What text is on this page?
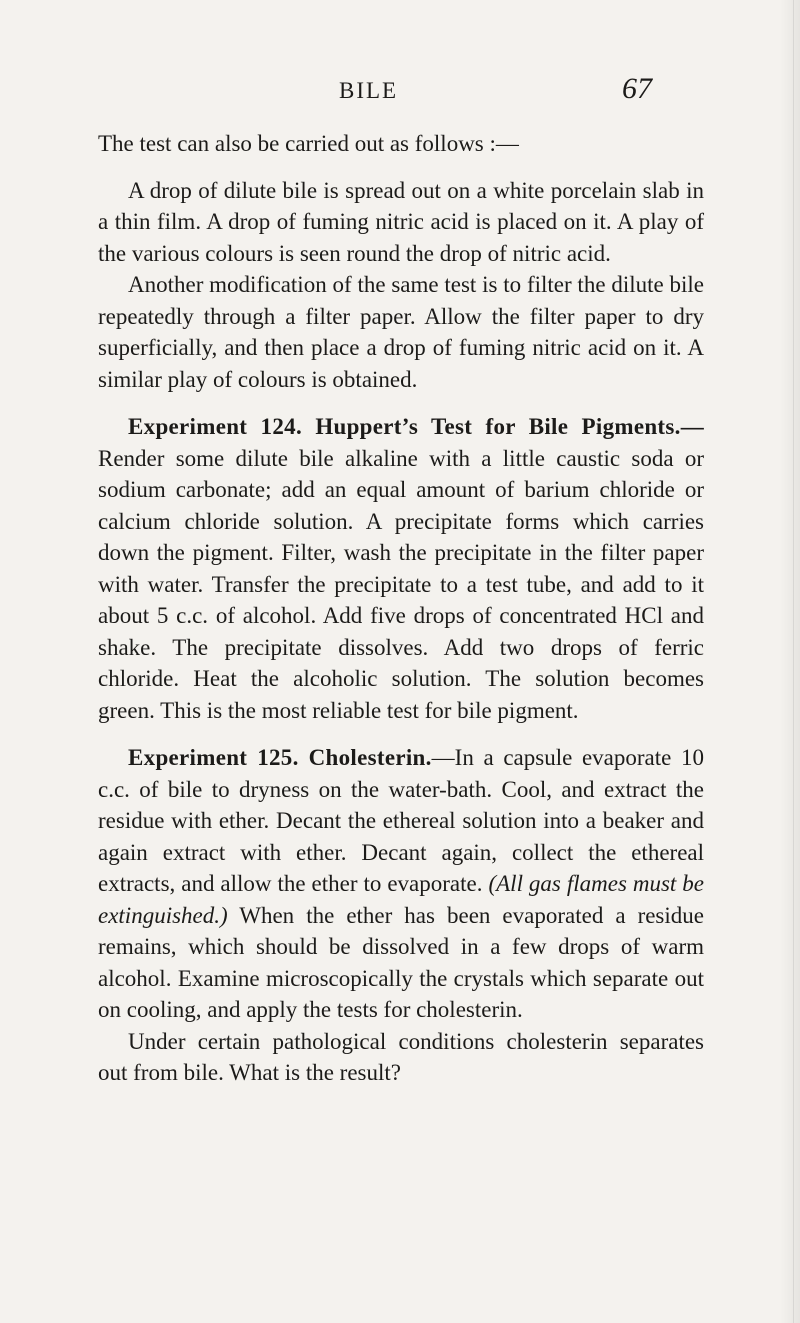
BILE	67

The test can also be carried out as follows :—

A drop of dilute bile is spread out on a white porcelain slab in a thin film. A drop of fuming nitric acid is placed on it. A play of the various colours is seen round the drop of nitric acid.

Another modification of the same test is to filter the dilute bile repeatedly through a filter paper. Allow the filter paper to dry superficially, and then place a drop of fuming nitric acid on it. A similar play of colours is obtained.

Experiment 124. Huppert’s Test for Bile Pigments.—Render some dilute bile alkaline with a little caustic soda or sodium carbonate; add an equal amount of barium chloride or calcium chloride solution. A precipitate forms which carries down the pigment. Filter, wash the precipitate in the filter paper with water. Transfer the precipitate to a test tube, and add to it about 5 c.c. of alcohol. Add five drops of concentrated HCl and shake. The precipitate dissolves. Add two drops of ferric chloride. Heat the alcoholic solution. The solution becomes green. This is the most reliable test for bile pigment.

Experiment 125. Cholesterin.—In a capsule evaporate 10 c.c. of bile to dryness on the water-bath. Cool, and extract the residue with ether. Decant the ethereal solution into a beaker and again extract with ether. Decant again, collect the ethereal extracts, and allow the ether to evaporate. (All gas flames must be extinguished.) When the ether has been evaporated a residue remains, which should be dissolved in a few drops of warm alcohol. Examine microscopically the crystals which separate out on cooling, and apply the tests for cholesterin.

Under certain pathological conditions cholesterin separates out from bile. What is the result?
